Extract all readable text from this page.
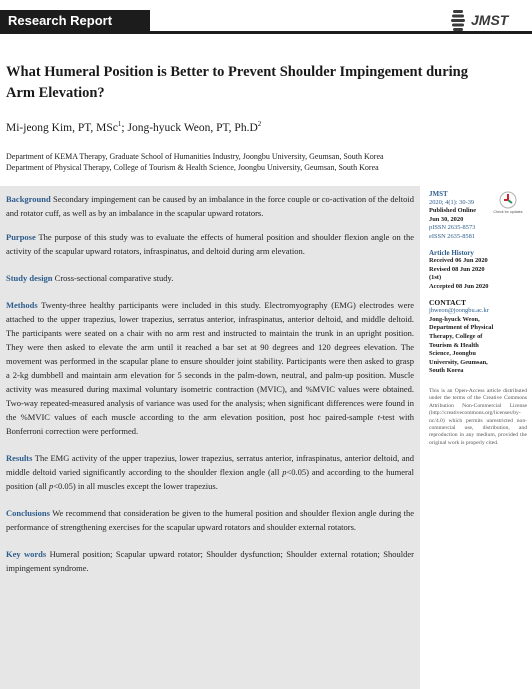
Research Report	JMST
What Humeral Position is Better to Prevent Shoulder Impingement during Arm Elevation?
Mi-jeong Kim, PT, MSc$^1$; Jong-hyuck Weon, PT, $Ph.D^2$
Department of KEMA Therapy, Graduate School of Humanities Industry, Joongbu University, Geumsan, South Korea
Department of Physical Therapy, College of Tourism & Health Science, Joongbu University, Geumsan, South Korea

Background Secondary impingement can be caused by an imbalance in the force couple or co-activation of the deltoid and rotator cuff, as well as by an imbalance in the scapular upward rotators.

Purpose The purpose of this study was to evaluate the effects of humeral position and shoulder flexion angle on the activity of the scapular upward rotators, infraspinatus, and deltoid during arm elevation.

Study design Cross-sectional comparative study.

Methods Twenty-three healthy participants were included in this study. Electromyography (EMG) electrodes were attached to the upper trapezius, lower trapezius, serratus anterior, infraspinatus, anterior deltoid, and middle deltoid. The participants were seated on a chair with no arm rest and instructed to maintain the trunk in an upright position. They were then asked to elevate the arm until it reached a bar set at 90 degrees and 120 degrees elevation. The movement was performed in the scapular plane to ensure shoulder joint stability. Participants were then asked to grasp a 2-kg dumbbell and maintain arm elevation for 5 seconds in the palm-down, neutral, and palm-up position. Muscle activity was measured during maximal voluntary isometric contraction (MVIC), and %MVIC values were obtained. Two-way repeated-measured analysis of variance was used for the analysis; when significant differences were found in the %MVIC values of each muscle according to the arm elevation position, post hoc paired-sample t-test with Bonferroni correction were performed.

Results The EMG activity of the upper trapezius, lower trapezius, serratus anterior, infraspinatus, anterior deltoid, and middle deltoid varied significantly according to the shoulder flexion angle (all p<0.05) and according to the humeral position (all p<0.05) in all muscles except the lower trapezius.

Conclusions We recommend that consideration be given to the humeral position and shoulder flexion angle during the performance of strengthening exercises for the scapular upward rotators and shoulder external rotators.

Key words Humeral position; Scapular upward rotator; Shoulder dysfunction; Shoulder external rotation; Shoulder impingement syndrome.

Check for updates
JMST
2020; 4(1): 30-39
Published Online
Jun 30, 2020
pISSN 2635-8573
eISSN 2635-8581
Article History
Received 06 Jun 2020
Revised 08 Jun 2020
(1st)
Accepted 08 Jun 2020
CONTACT
jhweon@joongbu.ac.kr
Jong-hyuck Weon,
Department of Physical
Therapy, College of
Tourism & Health
Science, Joongbu
University, Geumsan,
South Korea
This is an Open-Access article distributed under the terms of the Creative Commons Attribution Non-Commercial License (http://creativecommons.org/licenses/by-nc/4.0) which permits unrestricted non-commercial use, distribution, and reproduction in any medium, provided the original work is properly cited.
